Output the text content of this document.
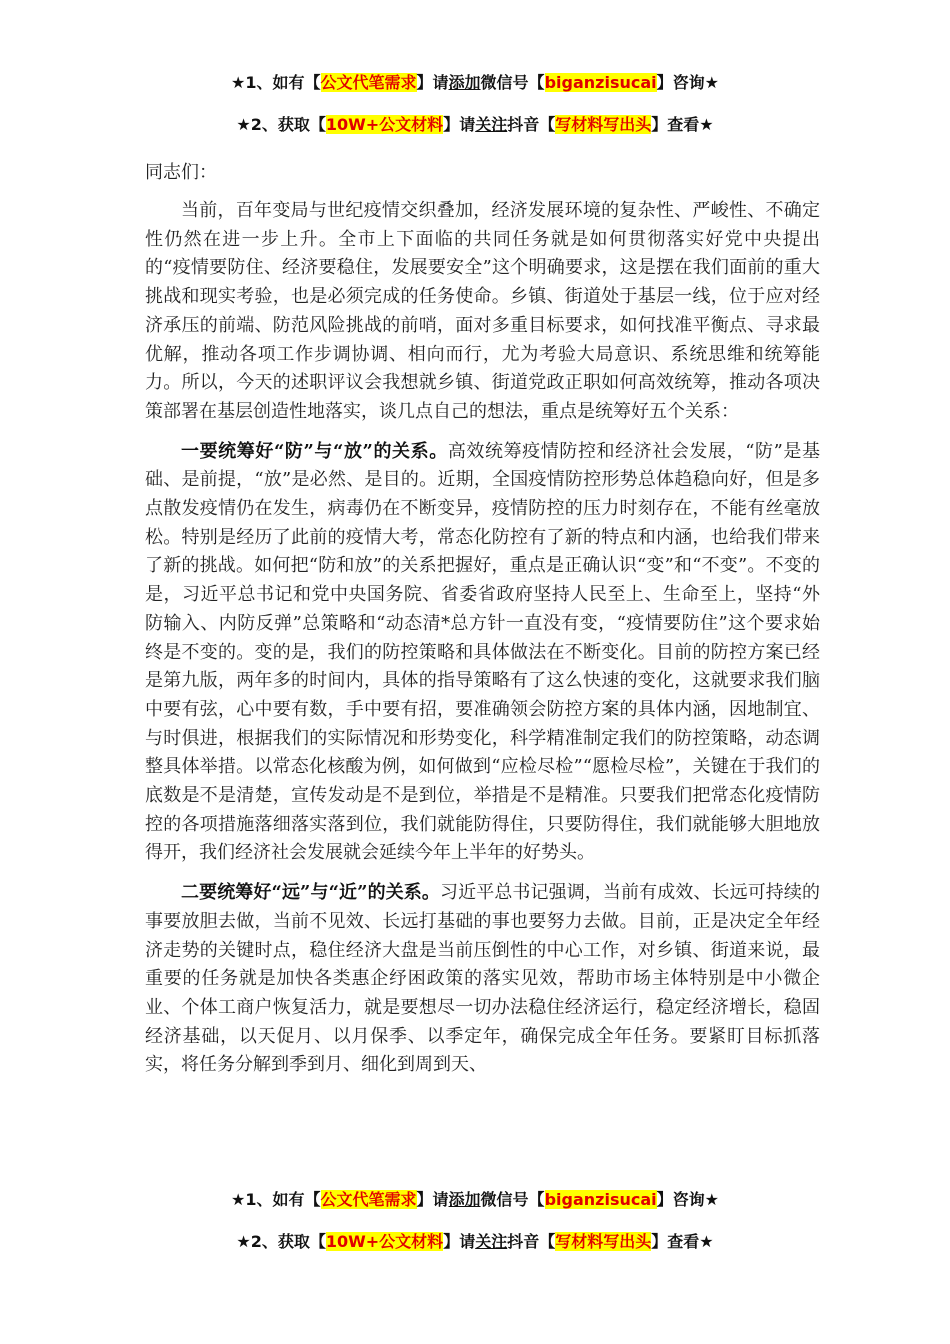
★1、如有【公文代笔需求】请添加微信号【biganzisucai】咨询★
★2、获取【10W+公文材料】请关注抖音【写材料写出头】查看★
同志们：

当前，百年变局与世纪疫情交织叠加，经济发展环境的复杂性、严峻性、不确定性仍然在进一步上升。全市上下面临的共同任务就是如何贯彻落实好党中央提出的“疫情要防住、经济要稳住，发展要安全”这个明确要求，这是摆在我们面前的重大挑战和现实考验，也是必须完成的任务使命。乡镇、街道处于基层一线，位于应对经济承压的前端、防范风险挑战的前哨，面对多重目标要求，如何找准平衡点、寻求最优解，推动各项工作步调协调、相向而行，尤为考验大局意识、系统思维和统筹能力。所以，今天的述职评议会我想就乡镇、街道党政正职如何高效统筹，推动各项决策部署在基层创造性地落实，谈几点自己的想法，重点是统筹好五个关系：

一要统筹好“防”与“放”的关系。高效统筹疫情防控和经济社会发展，“防”是基础、是前提，“放”是必然、是目的。近期，全国疫情防控形势总体趋稳向好，但是多点散发疫情仍在发生，病毒仍在不断变异，疫情防控的压力时刻存在，不能有丝毫放松。特别是经历了此前的疫情大考，常态化防控有了新的特点和内涵，也给我们带来了新的挑战。如何把“防和放”的关系把握好，重点是正确认识“变”和“不变”。不变的是，习近平总书记和党中央国务院、省委省政府坚持人民至上、生命至上，坚持“外防输入、内防反弹”总策略和“动态清*总方针一直没有变，“疫情要防住”这个要求始终是不变的。变的是，我们的防控策略和具体做法在不断变化。目前的防控方案已经是第九版，两年多的时间内，具体的指导策略有了这么快速的变化，这就要求我们脑中要有弦，心中要有数，手中要有招，要准确领会防控方案的具体内涵，因地制宜、与时俱进，根据我们的实际情况和形势变化，科学精准制定我们的防控策略，动态调整具体举措。以常态化核酸为例，如何做到“应检尽检”“愿检尽检”，关键在于我们的底数是不是清楚，宣传发动是不是到位，举措是不是精准。只要我们把常态化疫情防控的各项措施落细落实落到位，我们就能防得住，只要防得住，我们就能够大胆地放得开，我们经济社会发展就会延续今年上半年的好势头。

二要统筹好“远”与“近”的关系。习近平总书记强调，当前有成效、长远可持续的事要放胆去做，当前不见效、长远打基础的事也要努力去做。目前，正是决定全年经济走势的关键时点，稳住经济大盘是当前压倒性的中心工作，对乡镇、街道来说，最重要的任务就是加快各类惠企纾困政策的落实见效，帮助市场主体特别是中小微企业、个体工商户恢复活力，就是要想尽一切办法稳住经济运行，稳定经济增长，稳固经济基础，以天促月、以月保季、以季定年，确保完成全年任务。要紧盯目标抓落实，将任务分解到季到月、细化到周到天、

★1、如有【公文代笔需求】请添加微信号【biganzisucai】咨询★
★2、获取【10W+公文材料】请关注抖音【写材料写出头】查看★
